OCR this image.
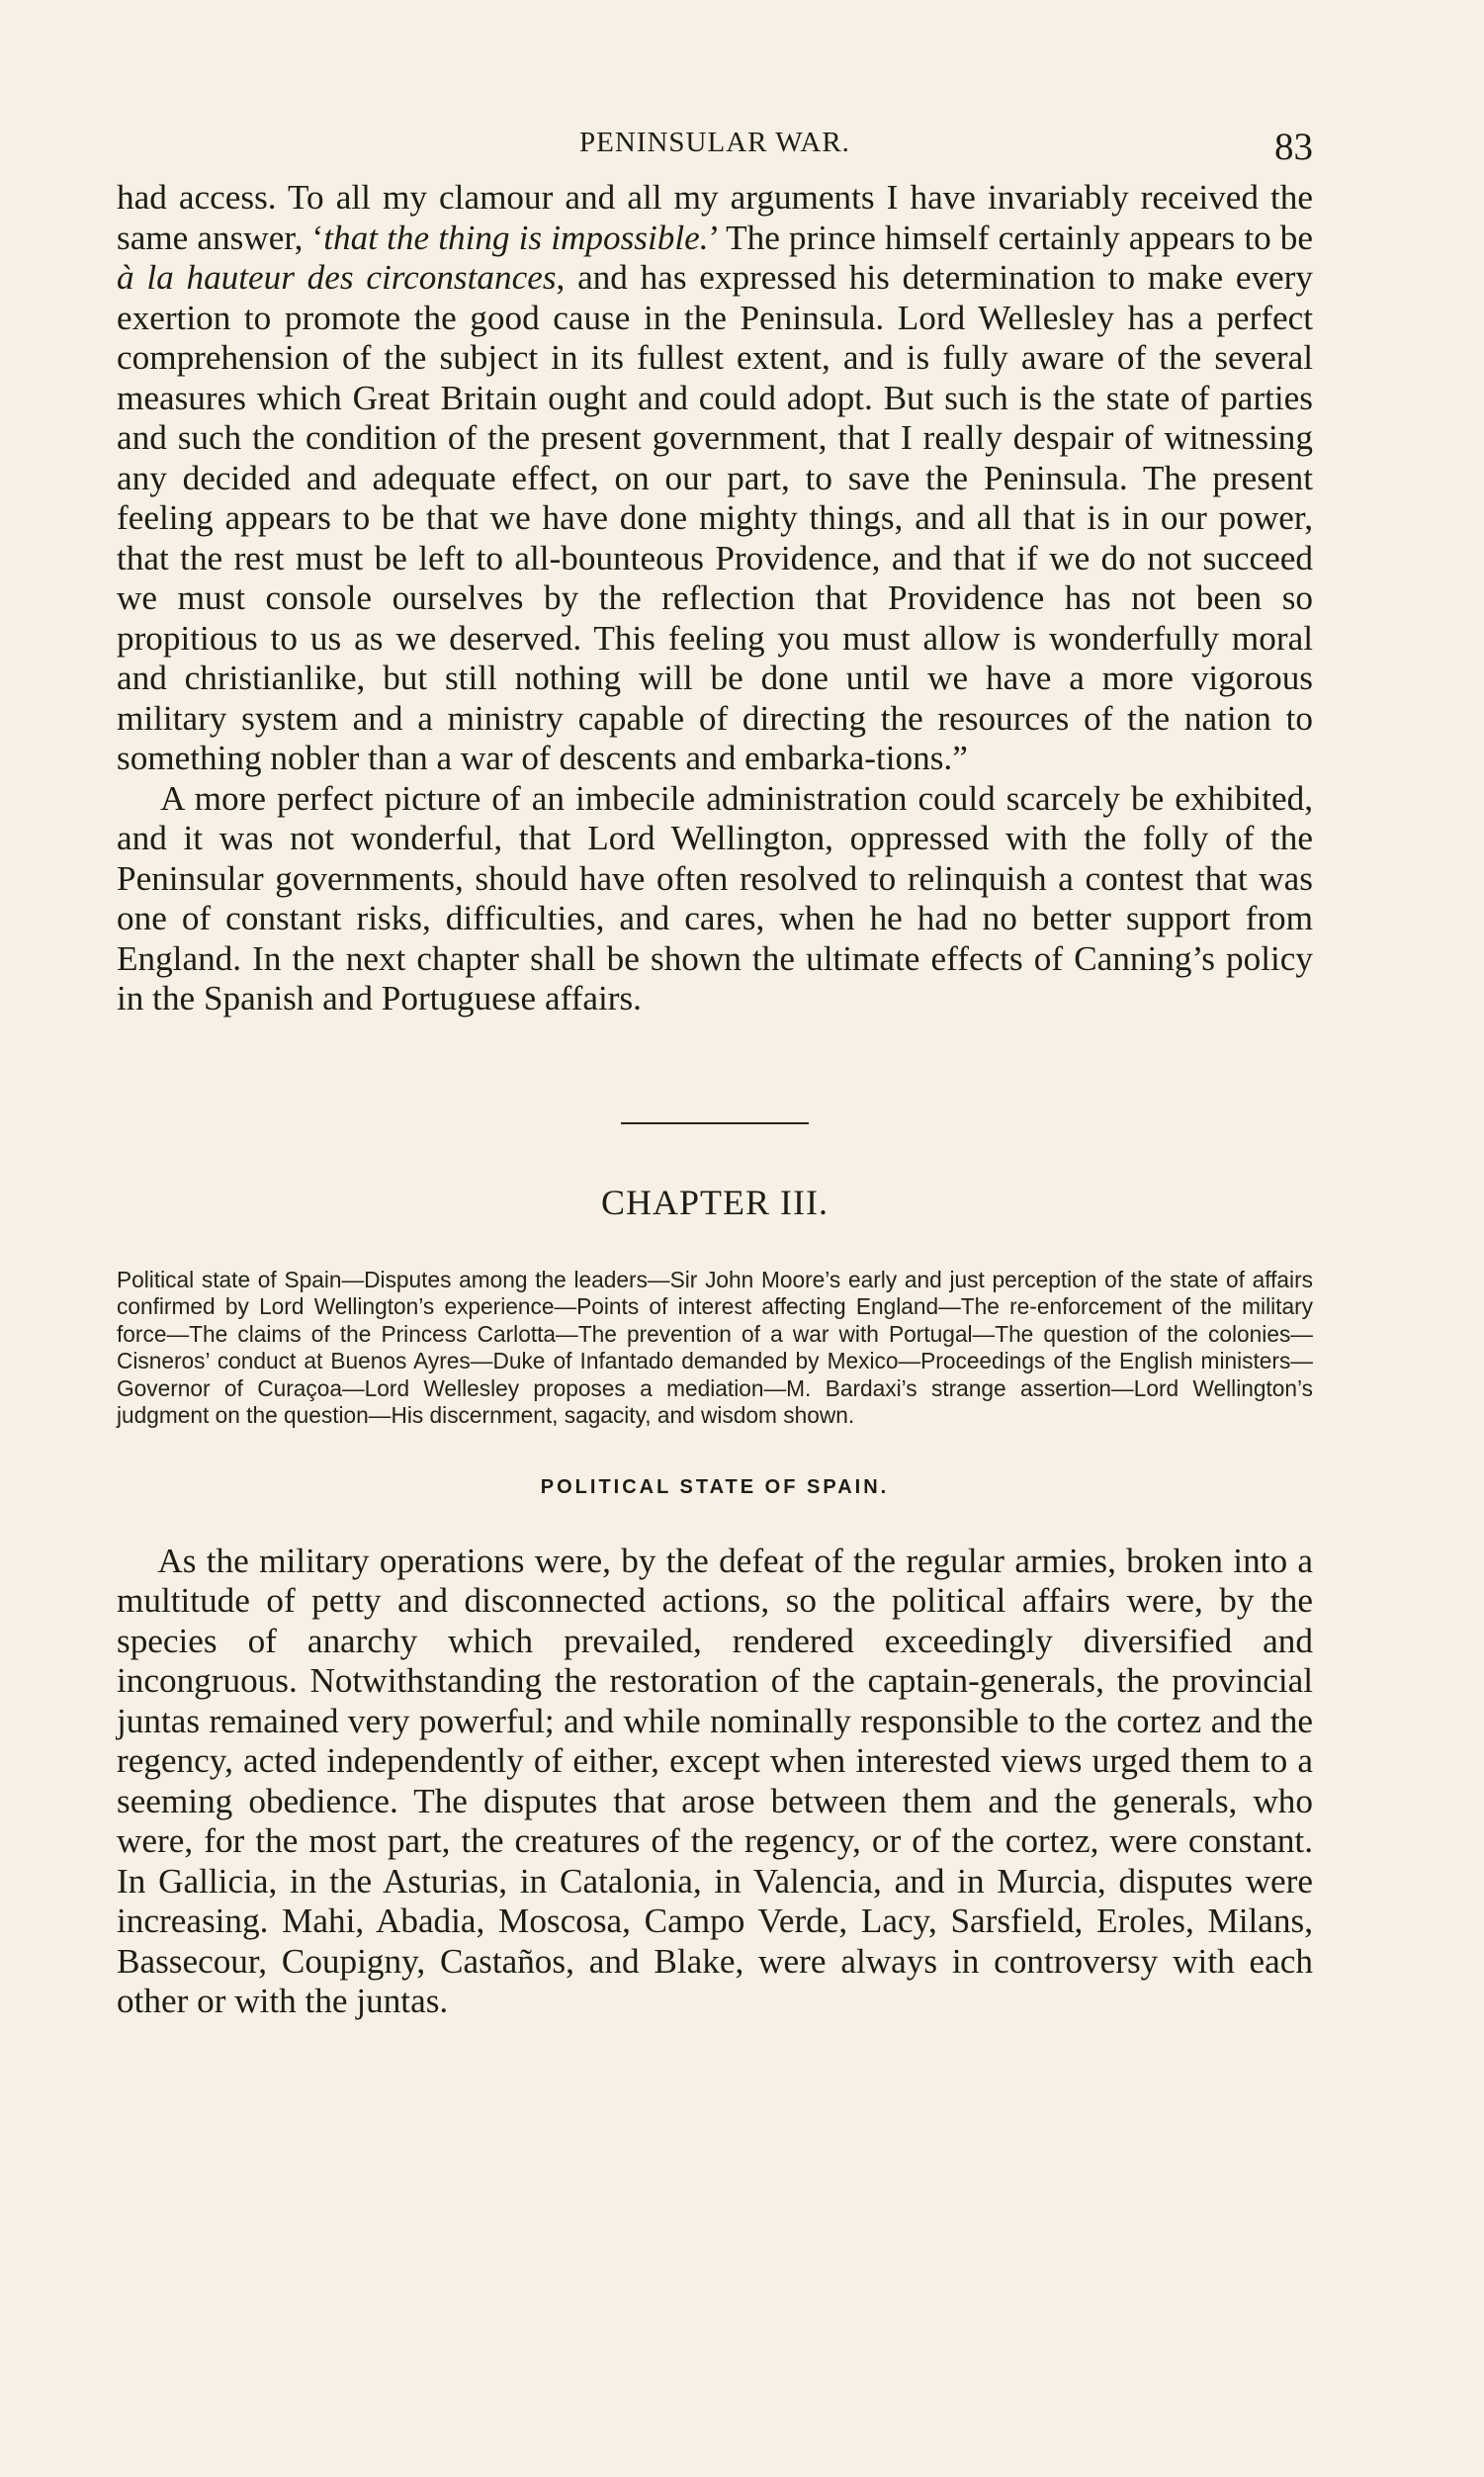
PENINSULAR WAR.	83

had access. To all my clamour and all my arguments I have invariably received the same answer, ‘that the thing is impossible.’ The prince himself certainly appears to be à la hauteur des circonstances, and has expressed his determination to make every exertion to promote the good cause in the Peninsula. Lord Wellesley has a perfect comprehension of the subject in its fullest extent, and is fully aware of the several measures which Great Britain ought and could adopt. But such is the state of parties and such the condition of the present government, that I really despair of witnessing any decided and adequate effect, on our part, to save the Peninsula. The present feeling appears to be that we have done mighty things, and all that is in our power, that the rest must be left to all-bounteous Providence, and that if we do not succeed we must console ourselves by the reflection that Providence has not been so propitious to us as we deserved. This feeling you must allow is wonderfully moral and christianlike, but still nothing will be done until we have a more vigorous military system and a ministry capable of directing the resources of the nation to something nobler than a war of descents and embarka-tions.”

A more perfect picture of an imbecile administration could scarcely be exhibited, and it was not wonderful, that Lord Wellington, oppressed with the folly of the Peninsular governments, should have often resolved to relinquish a contest that was one of constant risks, difficulties, and cares, when he had no better support from England. In the next chapter shall be shown the ultimate effects of Canning’s policy in the Spanish and Portuguese affairs.

CHAPTER III.
Political state of Spain—Disputes among the leaders—Sir John Moore’s early and just perception of the state of affairs confirmed by Lord Wellington’s experience—Points of interest affecting England—The re-enforcement of the military force—The claims of the Princess Carlotta—The prevention of a war with Portugal—The question of the colonies—Cisneros’ conduct at Buenos Ayres—Duke of Infantado demanded by Mexico—Proceedings of the English ministers—Governor of Curaçoa—Lord Wellesley proposes a mediation—M. Bardaxi’s strange assertion—Lord Wellington’s judgment on the question—His discernment, sagacity, and wisdom shown.
POLITICAL STATE OF SPAIN.

As the military operations were, by the defeat of the regular armies, broken into a multitude of petty and disconnected actions, so the political affairs were, by the species of anarchy which prevailed, rendered exceedingly diversified and incongruous. Notwithstanding the restoration of the captain-generals, the provincial juntas remained very powerful; and while nominally responsible to the cortez and the regency, acted independently of either, except when interested views urged them to a seeming obedience. The disputes that arose between them and the generals, who were, for the most part, the creatures of the regency, or of the cortez, were constant. In Gallicia, in the Asturias, in Catalonia, in Valencia, and in Murcia, disputes were increasing. Mahi, Abadia, Moscosa, Campo Verde, Lacy, Sarsfield, Eroles, Milans, Bassecour, Coupigny, Castaños, and Blake, were always in controversy with each other or with the juntas.
